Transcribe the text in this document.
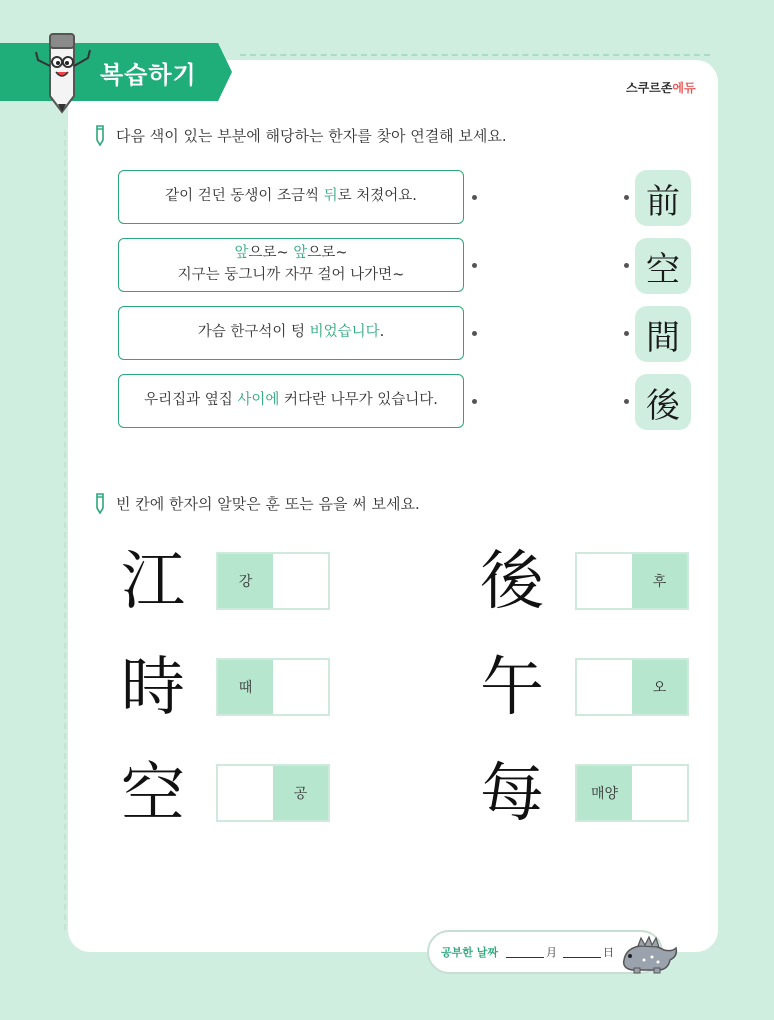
복습하기	스쿠르존에듀
다음 색이 있는 부분에 해당하는 한자를 찾아 연결해 보세요.
같이 걷던 동생이 조금씩 뒤로 처졌어요.
앞으로~ 앞으로~
지구는 둥그니까 자꾸 걸어 나가면~
가슴 한구석이 텅 비었습니다.
우리집과 옆집 사이에 커다란 나무가 있습니다.
前
空
間
後
빈 칸에 한자의 알맞은 훈 또는 음을 써 보세요.
江	강	後	후
時	때	午	오
空	공	每	매양
공부한 날짜	月	日
